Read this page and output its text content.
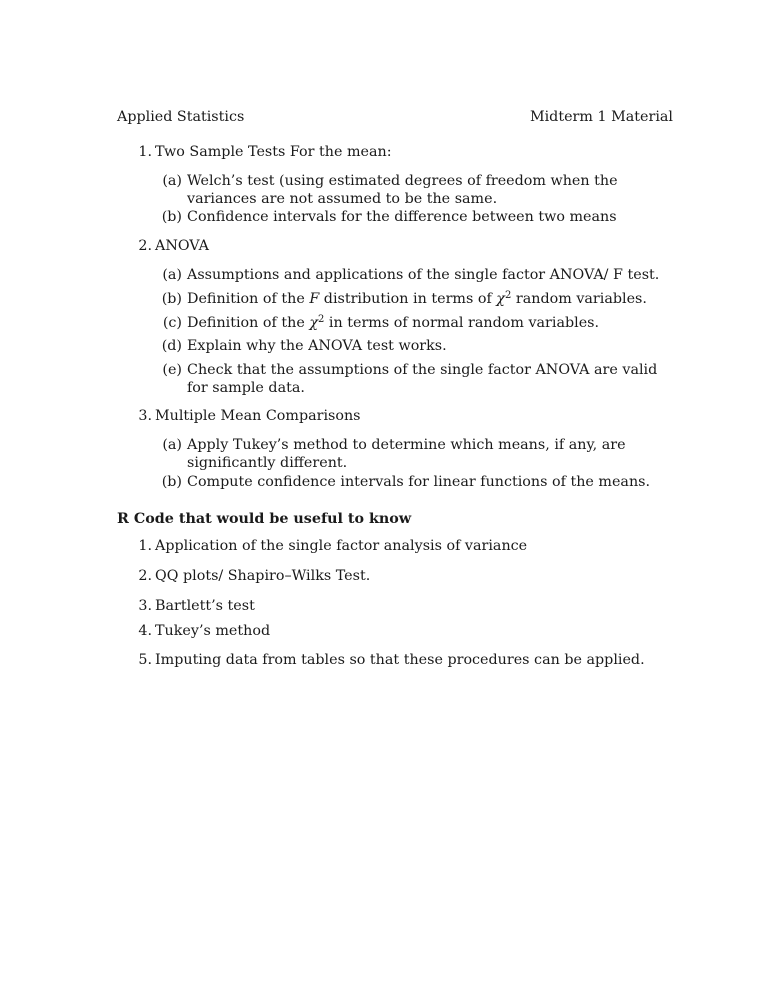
Applied Statistics	Midterm 1 Material
1. Two Sample Tests For the mean:
(a) Welch’s test (using estimated degrees of freedom when the variances are not assumed to be the same.
(b) Confidence intervals for the difference between two means
2. ANOVA
(a) Assumptions and applications of the single factor ANOVA/ F test.
(b) Definition of the F distribution in terms of $\chi^2$ random variables.
(c) Definition of the $\chi^2$ in terms of normal random variables.
(d) Explain why the ANOVA test works.
(e) Check that the assumptions of the single factor ANOVA are valid for sample data.
3. Multiple Mean Comparisons
(a) Apply Tukey’s method to determine which means, if any, are significantly different.
(b) Compute confidence intervals for linear functions of the means.
R Code that would be useful to know
1. Application of the single factor analysis of variance
2. QQ plots/ Shapiro–Wilks Test.
3. Bartlett’s test
4. Tukey’s method
5. Imputing data from tables so that these procedures can be applied.
